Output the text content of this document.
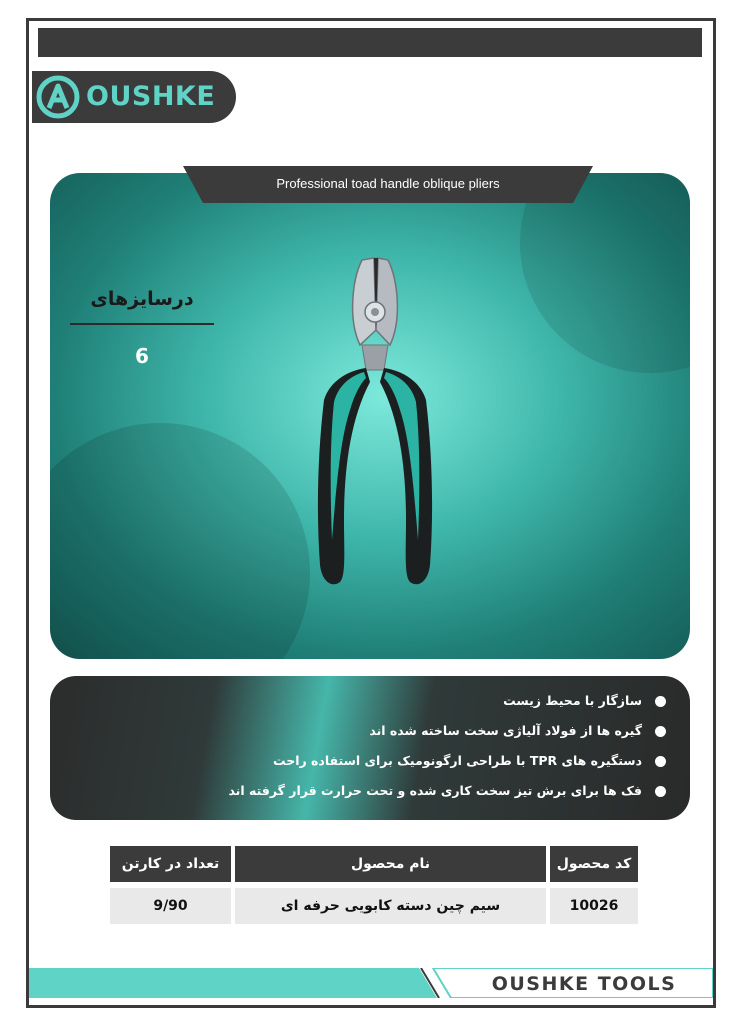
OUSHKE
Professional toad handle oblique pliers
درسایزهای
6
سازگار با محیط زیست
گیره ها از فولاد آلیاژی سخت ساخته شده اند
دستگیره های TPR با طراحی ارگونومیک برای استفاده راحت
فک ها برای برش تیز سخت کاری شده و تحت حرارت قرار گرفته اند
تعداد در کارتن	نام محصول	کد محصول
9/90	سیم چین دسته کابویی حرفه ای	10026
OUSHKE TOOLS
